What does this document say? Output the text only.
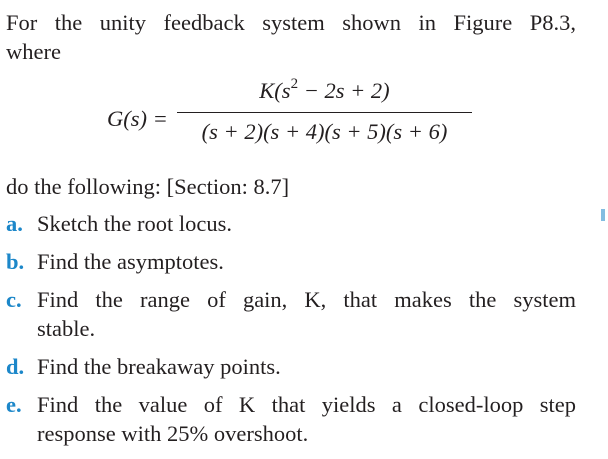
For the unity feedback system shown in Figure P8.3,
where
G(s) =
$K(s^2 - 2s + 2)$
(s + 2)(s + 4)(s + 5)(s + 6)
do the following: [Section: 8.7]
a. Sketch the root locus.
b. Find the asymptotes.
c. Find the range of gain, K, that makes the system
stable.
d. Find the breakaway points.
e. Find the value of K that yields a closed-loop step
response with 25% overshoot.
